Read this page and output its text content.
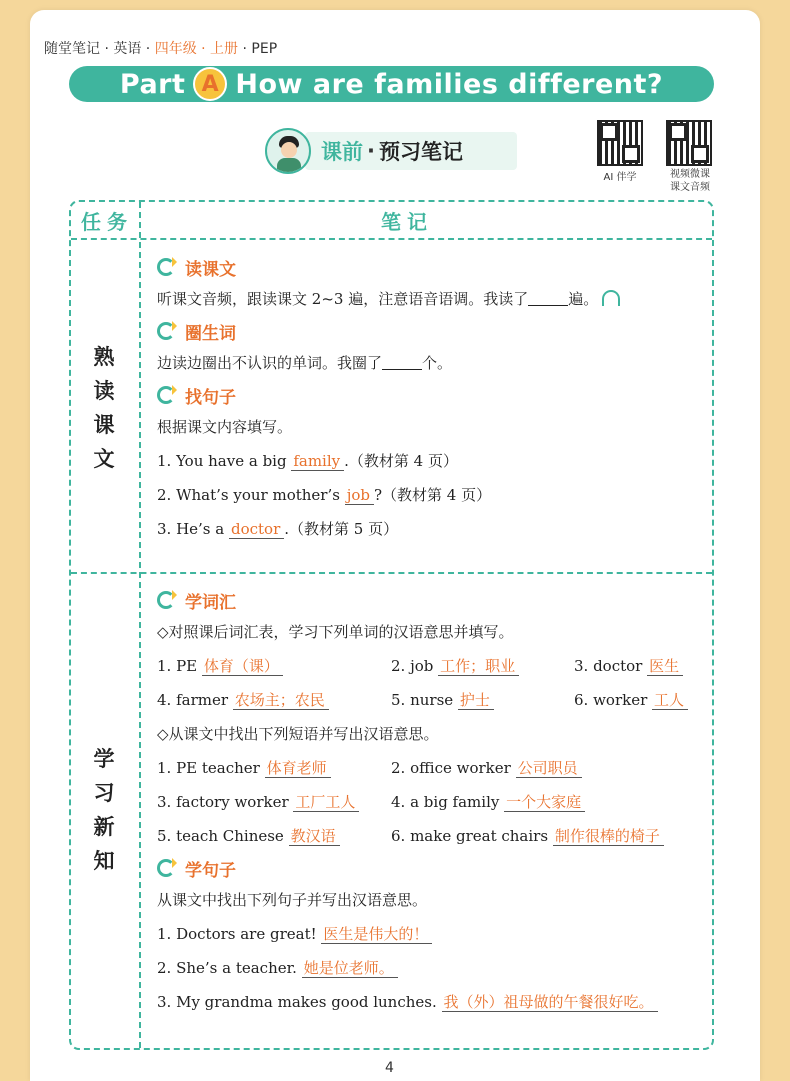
随堂笔记 · 英语 · 四年级 · 上册 · PEP
Part A How are families different?
课前 · 预习笔记
AI 伴学	视频微课
课文音频
任务	笔记
熟读课文
学习新知
读课文
听课文音频，跟读课文 2~3 遍，注意语音语调。我读了	遍。
圈生词
边读边圈出不认识的单词。我圈了	个。
找句子
根据课文内容填写。
1. You have a big family .（教材第 4 页）
2. What’s your mother’s job ?（教材第 4 页）
3. He’s a doctor .（教材第 5 页）
学词汇
◇对照课后词汇表，学习下列单词的汉语意思并填写。
1. PE 体育（课）	2. job 工作；职业	3. doctor 医生
4. farmer 农场主；农民	5. nurse 护士	6. worker 工人
◇从课文中找出下列短语并写出汉语意思。
1. PE teacher 体育老师	2. office worker 公司职员
3. factory worker 工厂工人	4. a big family 一个大家庭
5. teach Chinese 教汉语	6. make great chairs 制作很棒的椅子
学句子
从课文中找出下列句子并写出汉语意思。
1. Doctors are great! 医生是伟大的！
2. She’s a teacher. 她是位老师。
3. My grandma makes good lunches. 我（外）祖母做的午餐很好吃。
4
